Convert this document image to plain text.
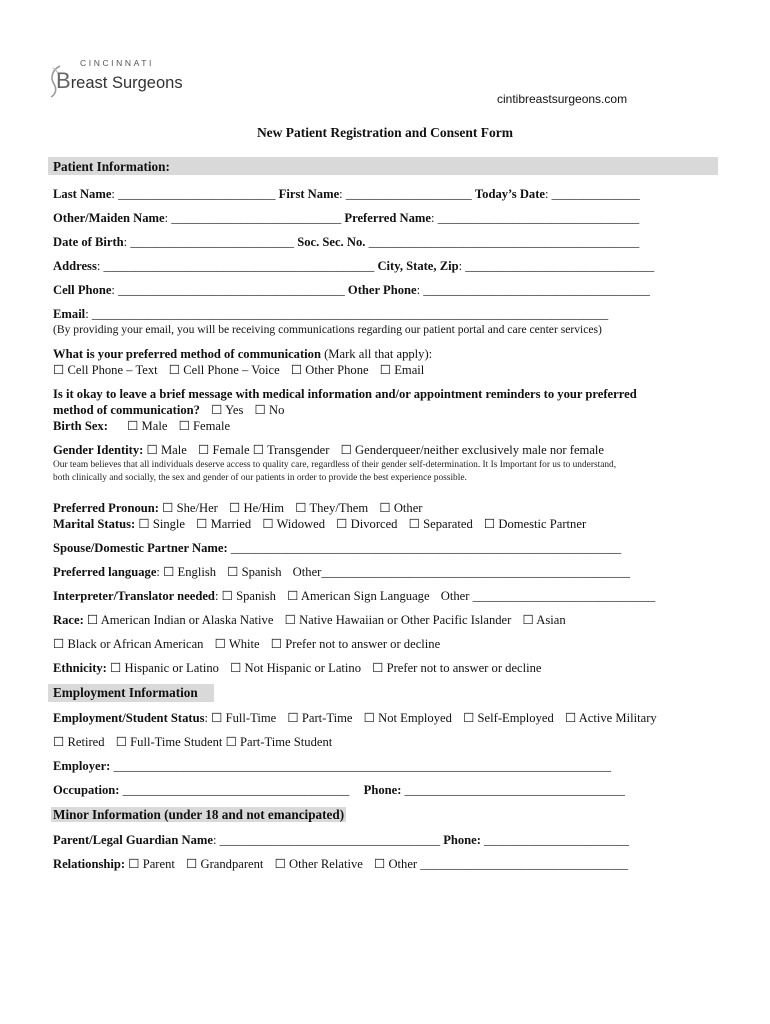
CINCINNATI
Breast Surgeons
cintibreastsurgeons.com
New Patient Registration and Consent Form
Patient Information:
Last Name: _________________________ First Name: ____________________ Today’s Date: ______________
Other/Maiden Name: ___________________________ Preferred Name: ________________________________
Date of Birth: __________________________ Soc. Sec. No. ___________________________________________
Address: ___________________________________________ City, State, Zip: ______________________________
Cell Phone: ____________________________________ Other Phone: ____________________________________
Email: __________________________________________________________________________________
(By providing your email, you will be receiving communications regarding our patient portal and care center services)
What is your preferred method of communication (Mark all that apply):
☐ Cell Phone – Text ☐ Cell Phone – Voice ☐ Other Phone ☐ Email
Is it okay to leave a brief message with medical information and/or appointment reminders to your preferred
method of communication? ☐ Yes ☐ No
Birth Sex: ☐ Male ☐ Female
Gender Identity: ☐ Male ☐ Female ☐ Transgender ☐ Genderqueer/neither exclusively male nor female
Our team believes that all individuals deserve access to quality care, regardless of their gender self-determination. It Is Important for us to understand,
both clinically and socially, the sex and gender of our patients in order to provide the best experience possible.
Preferred Pronoun: ☐ She/Her ☐ He/Him ☐ They/Them ☐ Other
Marital Status: ☐ Single ☐ Married ☐ Widowed ☐ Divorced ☐ Separated ☐ Domestic Partner
Spouse/Domestic Partner Name: ______________________________________________________________
Preferred language: ☐ English ☐ Spanish Other_________________________________________________
Interpreter/Translator needed: ☐ Spanish ☐ American Sign Language Other _____________________________
Race: ☐ American Indian or Alaska Native ☐ Native Hawaiian or Other Pacific Islander ☐ Asian
☐ Black or African American ☐ White ☐ Prefer not to answer or decline
Ethnicity: ☐ Hispanic or Latino ☐ Not Hispanic or Latino ☐ Prefer not to answer or decline
Employment Information
Employment/Student Status: ☐ Full-Time ☐ Part-Time ☐ Not Employed ☐ Self-Employed ☐ Active Military
☐ Retired ☐ Full-Time Student ☐ Part-Time Student
Employer: _______________________________________________________________________________
Occupation: ____________________________________ Phone: ___________________________________
Minor Information (under 18 and not emancipated)
Parent/Legal Guardian Name: ___________________________________ Phone: _______________________
Relationship: ☐ Parent ☐ Grandparent ☐ Other Relative ☐ Other _________________________________
